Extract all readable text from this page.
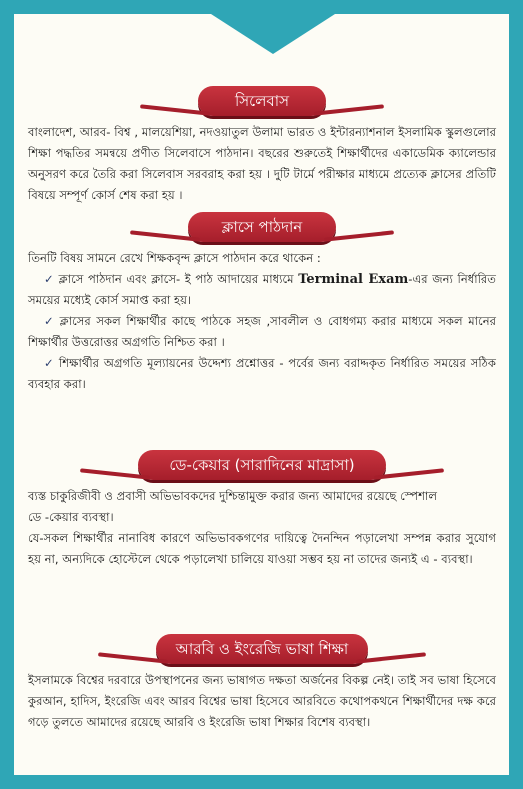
সিলেবাস

বাংলাদেশ, আরব- বিশ্ব , মালয়েশিয়া, নদওয়াতুল উলামা ভারত ও ইন্টারন্যাশনাল ইসলামিক স্কুলগুলোর শিক্ষা পদ্ধতির সমন্বয়ে প্রণীত সিলেবাসে পাঠদান। বছরের শুরুতেই শিক্ষার্থীদের একাডেমিক ক্যালেন্ডার অনুসরণ করে তৈরি করা সিলেবাস সরবরাহ করা হয় । দুটি টার্মে পরীক্ষার মাধ্যমে প্রত্যেক ক্লাসের প্রতিটি বিষয়ে সম্পূর্ণ কোর্স শেষ করা হয় ।

ক্লাসে পাঠদান

তিনটি বিষয় সামনে রেখে শিক্ষকবৃন্দ ক্লাসে পাঠদান করে থাকেন :

✓ ক্লাসে পাঠদান এবং ক্লাসে- ই পাঠ আদায়ের মাধ্যমে Terminal Exam-এর জন্য নির্ধারিত সময়ের মধ্যেই কোর্স সমাপ্ত করা হয়।
✓ ক্লাসের সকল শিক্ষার্থীর কাছে পাঠকে সহজ ,সাবলীল ও বোধগম্য করার মাধ্যমে সকল মানের শিক্ষার্থীর উত্তরোত্তর অগ্রগতি নিশ্চিত করা ।
✓ শিক্ষার্থীর অগ্রগতি মূল্যায়নের উদ্দেশ্য প্রশ্নোত্তর - পর্বের জন্য বরাদ্দকৃত নির্ধারিত সময়ের সঠিক ব্যবহার করা।
ডে-কেয়ার (সারাদিনের মাদ্রাসা)

ব্যস্ত চাকুরিজীবী ও প্রবাসী অভিভাবকদের দুশ্চিন্তামুক্ত করার জন্য আমাদের রয়েছে স্পেশাল

ডে -কেয়ার ব্যবস্থা।

যে-সকল শিক্ষার্থীর নানাবিধ কারণে অভিভাবকগণের দায়িত্বে দৈনন্দিন পড়ালেখা সম্পন্ন করার সুযোগ হয় না, অন্যদিকে হোস্টেলে থেকে পড়ালেখা চালিয়ে যাওয়া সম্ভব হয় না তাদের জন্যই এ - ব্যবস্থা।

আরবি ও ইংরেজি ভাষা শিক্ষা

ইসলামকে বিশ্বের দরবারে উপস্থাপনের জন্য ভাষাগত দক্ষতা অর্জনের বিকল্প নেই। তাই সব ভাষা হিসেবে কুরআন, হাদিস, ইংরেজি এবং আরব বিশ্বের ভাষা হিসেবে আরবিতে কথোপকথনে শিক্ষার্থীদের দক্ষ করে গড়ে তুলতে আমাদের রয়েছে আরবি ও ইংরেজি ভাষা শিক্ষার বিশেষ ব্যবস্থা।
